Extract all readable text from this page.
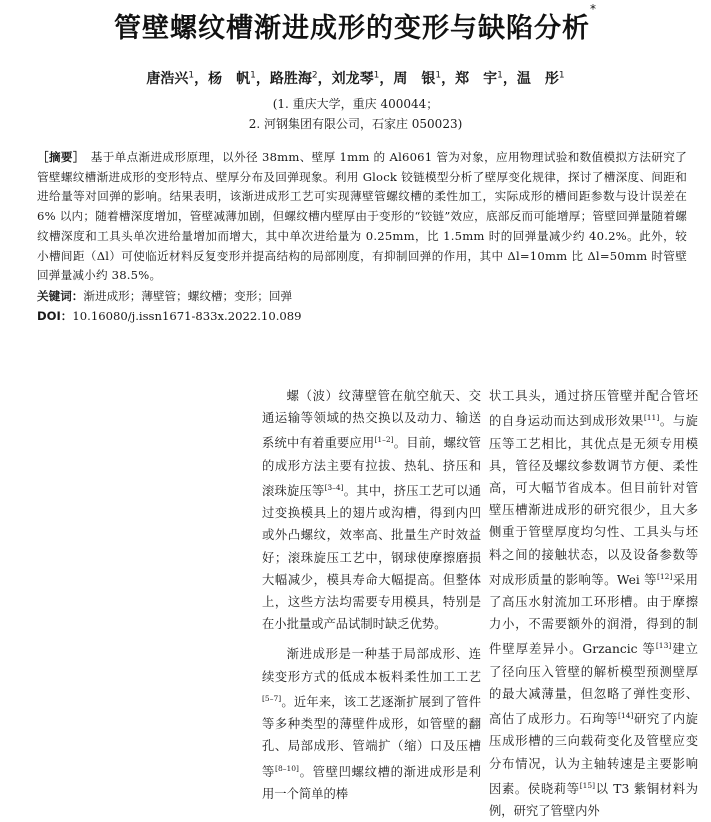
管壁螺纹槽渐进成形的变形与缺陷分析*
唐浩兴$^1$，杨　帆$^1$，路胜海$^2$，刘龙琴$^1$，周　银$^1$，郑　宇$^1$，温　彤$^1$
(1. 重庆大学，重庆 400044；
2. 河钢集团有限公司，石家庄 050023)
［摘要］ 基于单点渐进成形原理，以外径 38mm、壁厚 1mm 的 Al6061 管为对象，应用物理试验和数值模拟方法研究了管壁螺纹槽渐进成形的变形特点、壁厚分布及回弹现象。利用 Glock 铰链模型分析了壁厚变化规律，探讨了槽深度、间距和进给量等对回弹的影响。结果表明，该渐进成形工艺可实现薄壁管螺纹槽的柔性加工，实际成形的槽间距参数与设计误差在 6% 以内；随着槽深度增加，管壁减薄加剧，但螺纹槽内壁厚由于变形的“铰链”效应，底部反而可能增厚；管壁回弹量随着螺纹槽深度和工具头单次进给量增加而增大，其中单次进给量为 0.25mm，比 1.5mm 时的回弹量减少约 40.2%。此外，较小槽间距（Δl）可使临近材料反复变形并提高结构的局部刚度，有抑制回弹的作用，其中 Δl=10mm 比 Δl=50mm 时管壁回弹量减小约 38.5%。
关键词：渐进成形；薄壁管；螺纹槽；变形；回弹
DOI：10.16080/j.issn1671-833x.2022.10.089

螺（波）纹薄壁管在航空航天、交通运输等领域的热交换以及动力、输送系统中有着重要应用[1–2]。目前，螺纹管的成形方法主要有拉拔、热轧、挤压和滚珠旋压等[3–4]。其中，挤压工艺可以通过变换模具上的翅片或沟槽，得到内凹或外凸螺纹，效率高、批量生产时效益好；滚珠旋压工艺中，钢球使摩擦磨损大幅减少，模具寿命大幅提高。但整体上，这些方法均需要专用模具，特别是在小批量或产品试制时缺乏优势。

渐进成形是一种基于局部成形、连续变形方式的低成本板料柔性加工工艺[5–7]。近年来，该工艺逐渐扩展到了管件等多种类型的薄壁件成形，如管壁的翻孔、局部成形、管端扩（缩）口及压槽等[8–10]。管壁凹螺纹槽的渐进成形是利用一个简单的棒

状工具头，通过挤压管壁并配合管坯的自身运动而达到成形效果[11]。与旋压等工艺相比，其优点是无须专用模具，管径及螺纹参数调节方便、柔性高，可大幅节省成本。但目前针对管壁压槽渐进成形的研究很少，且大多侧重于管壁厚度均匀性、工具头与坯料之间的接触状态，以及设备参数等对成形质量的影响等。Wei 等[12]采用了高压水射流加工环形槽。由于摩擦力小，不需要额外的润滑，得到的制件壁厚差异小。Grzancic 等[13]建立了径向压入管壁的解析模型预测壁厚的最大减薄量，但忽略了弹性变形、高估了成形力。石珣等[14]研究了内旋压成形槽的三向载荷变化及管壁应变分布情况，认为主轴转速是主要影响因素。侯晓莉等[15]以 T3 紫铜材料为例，研究了管壁内外
